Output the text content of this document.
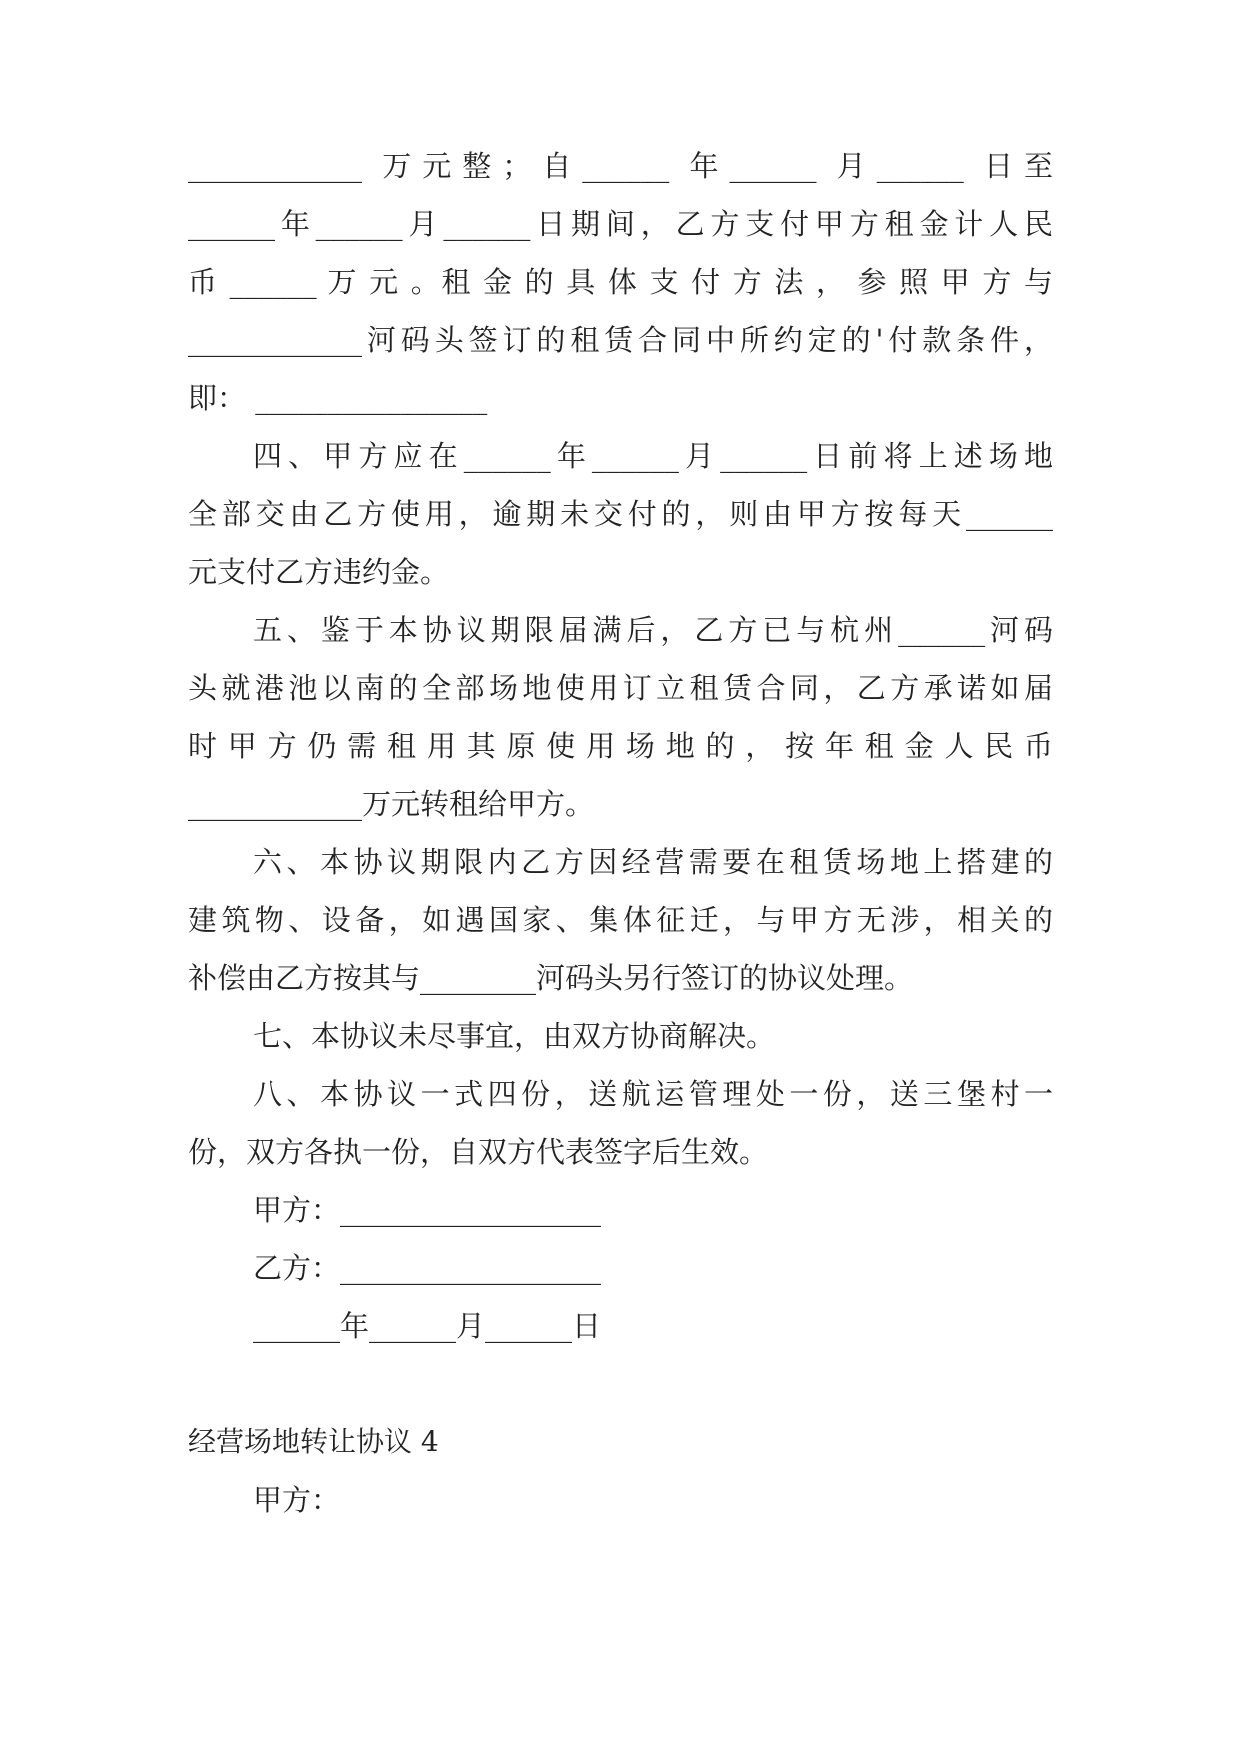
____________ 万元整；自______ 年______ 月______ 日至
______年______月______日期间，乙方支付甲方租金计人民
币 ______ 万 元 。租 金 的 具 体 支 付 方 法 ， 参 照 甲 方 与
____________河码头签订的租赁合同中所约定的'付款条件，
即： ________________
四、甲方应在______年______月______日前将上述场地
全部交由乙方使用，逾期未交付的，则由甲方按每天______
元支付乙方违约金。
五、鉴于本协议期限届满后，乙方已与杭州______河码
头就港池以南的全部场地使用订立租赁合同，乙方承诺如届
时 甲 方 仍 需 租 用 其 原 使 用 场 地 的 ， 按 年 租 金 人 民 币
____________万元转租给甲方。
六、本协议期限内乙方因经营需要在租赁场地上搭建的
建筑物、设备，如遇国家、集体征迁，与甲方无涉，相关的
补偿由乙方按其与________河码头另行签订的协议处理。
七、本协议未尽事宜，由双方协商解决。
八、本协议一式四份，送航运管理处一份，送三堡村一
份，双方各执一份，自双方代表签字后生效。
甲方：__________________
乙方：__________________
______年______月______日
经营场地转让协议 4
甲方：
